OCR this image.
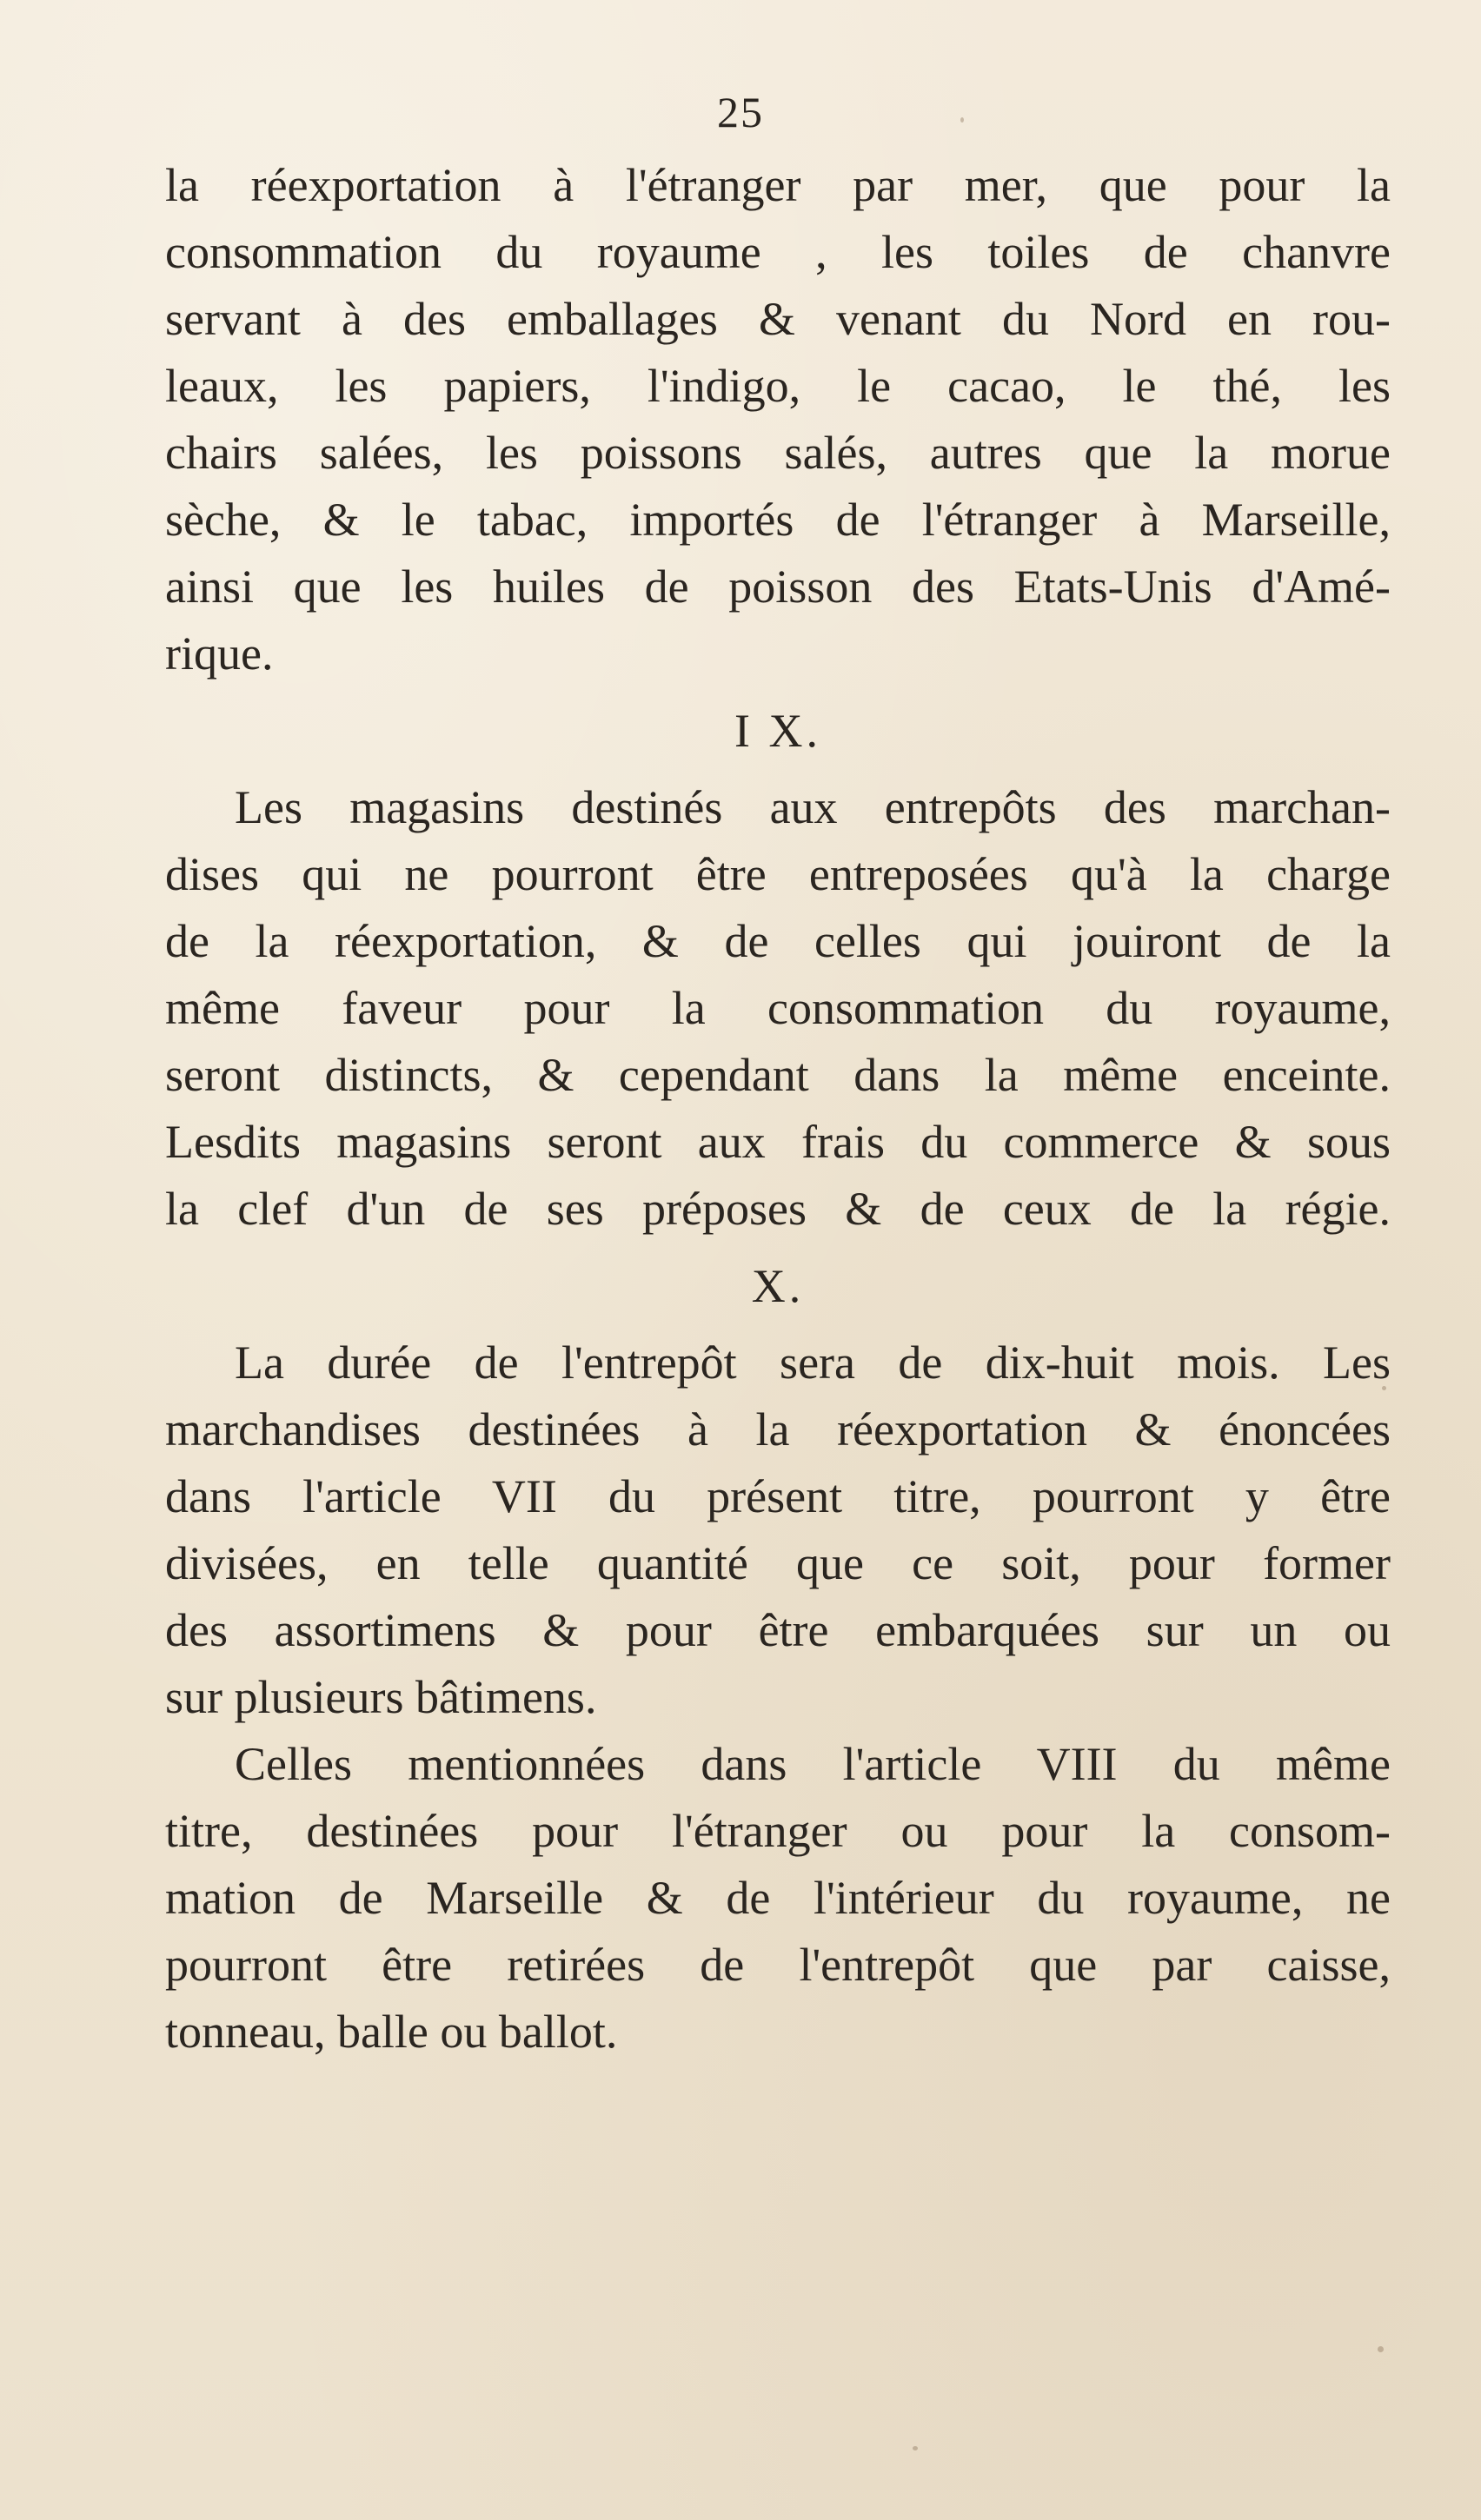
25
la réexportation à l'étranger par mer, que pour la
consommation du royaume , les toiles de chanvre
servant à des emballages & venant du Nord en rou-
leaux, les papiers, l'indigo, le cacao, le thé, les
chairs salées, les poissons salés, autres que la morue
sèche, & le tabac, importés de l'étranger à Marseille,
ainsi que les huiles de poisson des Etats-Unis d'Amé-
rique.
I X.
Les magasins destinés aux entrepôts des marchan-
dises qui ne pourront être entreposées qu'à la charge
de la réexportation, & de celles qui jouiront de la
même faveur pour la consommation du royaume,
seront distincts, & cependant dans la même enceinte.
Lesdits magasins seront aux frais du commerce & sous
la clef d'un de ses préposes & de ceux de la régie.
X.
La durée de l'entrepôt sera de dix-huit mois. Les
marchandises destinées à la réexportation & énoncées
dans l'article VII du présent titre, pourront y être
divisées, en telle quantité que ce soit, pour former
des assortimens & pour être embarquées sur un ou
sur plusieurs bâtimens.
Celles mentionnées dans l'article VIII du même
titre, destinées pour l'étranger ou pour la consom-
mation de Marseille & de l'intérieur du royaume, ne
pourront être retirées de l'entrepôt que par caisse,
tonneau, balle ou ballot.
